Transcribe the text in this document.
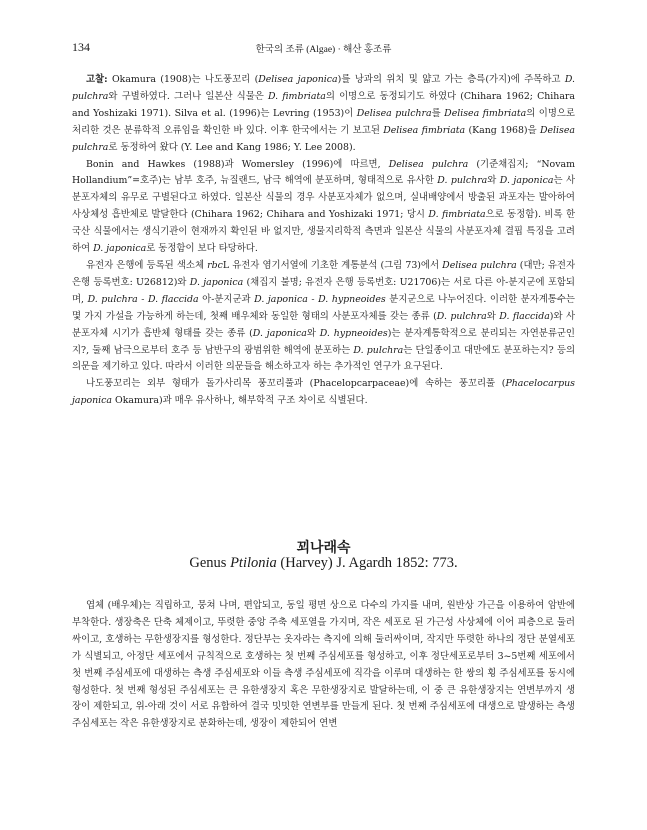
134	한국의 조류 (Algae) · 해산 홍조류

고찰: Okamura (1908)는 나도풍꼬리 (Delisea japonica)를 낭과의 위치 및 얇고 가는 층륵(가지)에 주목하고 D. pulchra와 구별하였다. 그러나 일본산 식물은 D. fimbriata의 이명으로 동정되기도 하였다 (Chihara 1962; Chihara and Yoshizaki 1971). Silva et al. (1996)는 Levring (1953)이 Delisea pulchra를 Delisea fimbriata의 이명으로 처리한 것은 분류학적 오류임을 확인한 바 있다. 이후 한국에서는 기 보고된 Delisea fimbriata (Kang 1968)을 Delisea pulchra로 동정하여 왔다 (Y. Lee and Kang 1986; Y. Lee 2008).

Bonin and Hawkes (1988)과 Womersley (1996)에 따르면, Delisea pulchra (기준채집지; “Novam Hollandium”=호주)는 남부 호주, 뉴질랜드, 남극 해역에 분포하며, 형태적으로 유사한 D. pulchra와 D. japonica는 사분포자체의 유무로 구별된다고 하였다. 일본산 식물의 경우 사분포자체가 없으며, 실내배양에서 방출된 과포자는 발아하여 사상체성 흡반체로 발달한다 (Chihara 1962; Chihara and Yoshizaki 1971; 당시 D. fimbriata으로 동정함). 비록 한국산 식물에서는 생식기관이 현재까지 확인된 바 없지만, 생물지리학적 측면과 일본산 식물의 사분포자체 결핍 특징을 고려하여 D. japonica로 동정함이 보다 타당하다.

유전자 은행에 등록된 색소체 rbcL 유전자 염기서열에 기초한 계통분석 (그림 73)에서 Delisea pulchra (대만; 유전자 은행 등록번호: U26812)와 D. japonica (채집지 불명; 유전자 은행 등록번호: U21706)는 서로 다른 아-분지군에 포함되며, D. pulchra - D. flaccida 아-분지군과 D. japonica - D. hypneoides 분지군으로 나누어진다. 이러한 분자계통수는 몇 가지 가설을 가능하게 하는데, 첫째 배우체와 동일한 형태의 사분포자체를 갖는 종류 (D. pulchra와 D. flaccida)와 사분포자체 시기가 흡반체 형태를 갖는 종류 (D. japonica와 D. hypneoides)는 분자계통학적으로 분리되는 자연분류군인지?, 둘째 남극으로부터 호주 등 남반구의 광범위한 해역에 분포하는 D. pulchra는 단일종이고 대만에도 분포하는지? 등의 의문을 제기하고 있다. 따라서 이러한 의문들을 해소하고자 하는 추가적인 연구가 요구된다.

나도풍꼬리는 외부 형태가 돌가사리목 풍꼬리풀과 (Phacelopcarpaceae)에 속하는 풍꼬리풀 (Phacelocarpus japonica Okamura)과 매우 유사하나, 해부학적 구조 차이로 식별된다.

꾀나래속
Genus Ptilonia (Harvey) J. Agardh 1852: 773.

엽체 (배우체)는 직립하고, 뭉쳐 나며, 편압되고, 동일 평면 상으로 다수의 가지를 내며, 원반상 가근을 이용하여 암반에 부착한다. 생장축은 단축 체제이고, 뚜렷한 중앙 주축 세포열을 가지며, 작은 세포로 된 가근성 사상체에 이어 피층으로 둘러싸이고, 호생하는 무한생장지를 형성한다. 정단부는 옷자라는 측지에 의해 둘러싸이며, 작지만 뚜렷한 하나의 정단 분열세포가 식별되고, 아정단 세포에서 규칙적으로 호생하는 첫 번째 주심세포를 형성하고, 이후 정단세포로부터 3~5번째 세포에서 첫 번째 주심세포에 대생하는 측생 주심세포와 이들 측생 주심세포에 직각을 이루며 대생하는 한 쌍의 횡 주심세포를 동시에 형성한다. 첫 번째 형성된 주심세포는 큰 유한생장지 혹은 무한생장지로 발달하는데, 이 중 큰 유한생장지는 연변부까지 생장이 제한되고, 위-아래 것이 서로 유합하여 결국 밋밋한 연변부를 만들게 된다. 첫 번째 주심세포에 대생으로 발생하는 측생 주심세포는 작은 유한생장지로 분화하는데, 생장이 제한되어 연변
